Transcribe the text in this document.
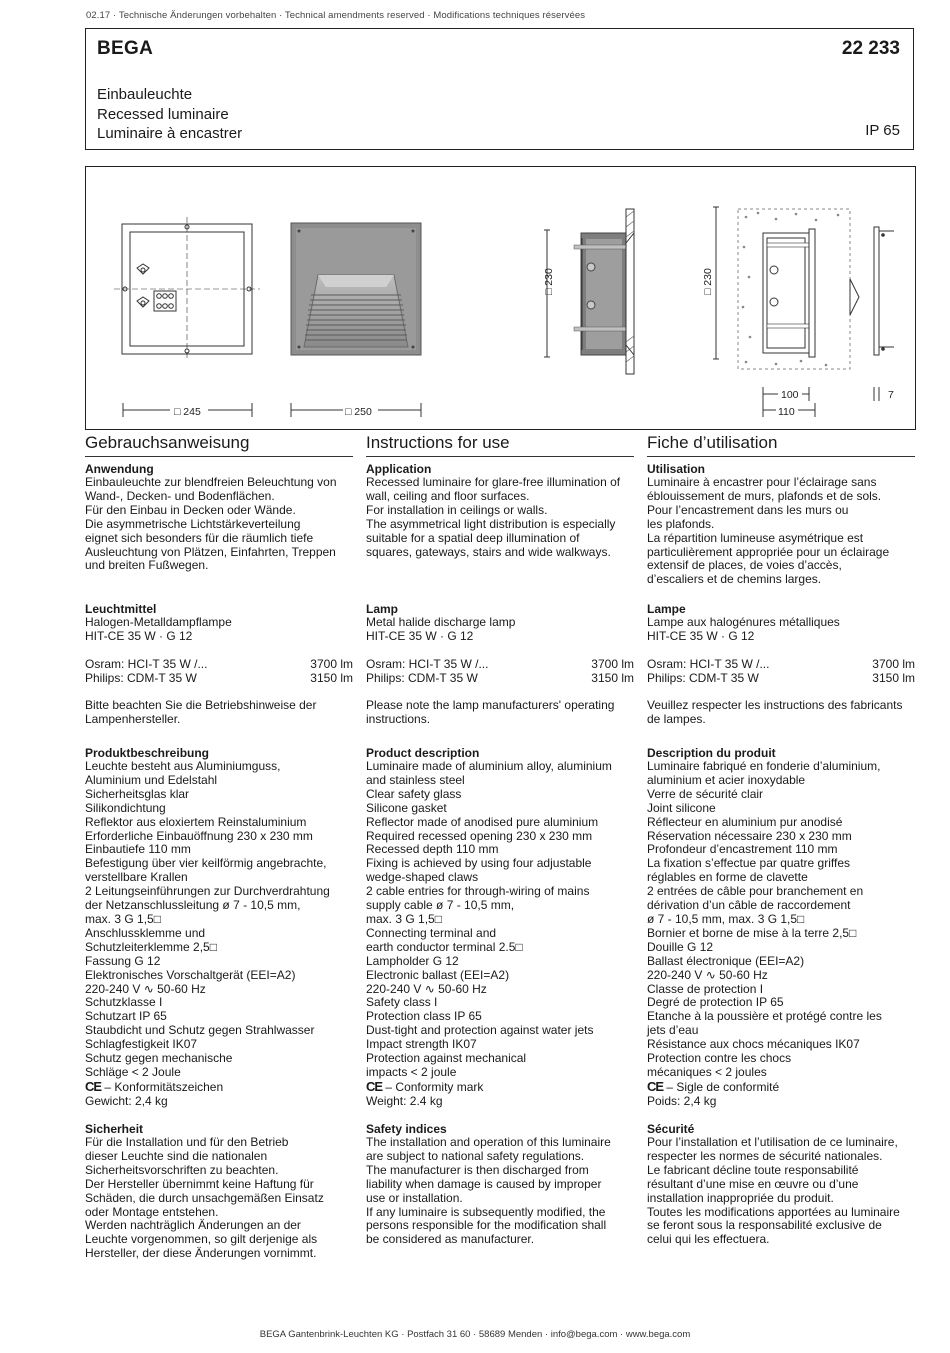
02.17 · Technische Änderungen vorbehalten · Technical amendments reserved · Modifications techniques réservées
BEGA	22 233
Einbauleuchte
Recessed luminaire
Luminaire à encastrer	IP 65
□ 245	□ 250
□ 230	□ 230
100
110
7
Gebrauchsanweisung
Anwendung
Einbauleuchte zur blendfreien Beleuchtung von
Wand-, Decken- und Bodenflächen.
Für den Einbau in Decken oder Wände.
Die asymmetrische Lichtstärkeverteilung
eignet sich besonders für die räumlich tiefe
Ausleuchtung von Plätzen, Einfahrten, Treppen
und breiten Fußwegen.
Leuchtmittel
Halogen-Metalldampflampe
HIT-CE 35 W · G 12
Osram: HCI-T 35 W /...	3700 lm
Philips: CDM-T 35 W	3150 lm
Bitte beachten Sie die Betriebshinweise der
Lampenhersteller.
Produktbeschreibung
Leuchte besteht aus Aluminiumguss,
Aluminium und Edelstahl
Sicherheitsglas klar
Silikondichtung
Reflektor aus eloxiertem Reinstaluminium
Erforderliche Einbauöffnung 230 x 230 mm
Einbautiefe 110 mm
Befestigung über vier keilförmig angebrachte,
verstellbare Krallen
2 Leitungseinführungen zur Durchverdrahtung
der Netzanschlussleitung ø 7 - 10,5 mm,
max. 3 G 1,5□
Anschlussklemme und
Schutzleiterklemme 2,5□
Fassung G 12
Elektronisches Vorschaltgerät (EEI=A2)
220-240 V ∿ 50-60 Hz
Schutzklasse I
Schutzart IP 65
Staubdicht und Schutz gegen Strahlwasser
Schlagfestigkeit IK07
Schutz gegen mechanische
Schläge < 2 Joule
CE – Konformitätszeichen
Gewicht: 2,4 kg
Sicherheit
Für die Installation und für den Betrieb
dieser Leuchte sind die nationalen
Sicherheitsvorschriften zu beachten.
Der Hersteller übernimmt keine Haftung für
Schäden, die durch unsachgemäßen Einsatz
oder Montage entstehen.
Werden nachträglich Änderungen an der
Leuchte vorgenommen, so gilt derjenige als
Hersteller, der diese Änderungen vornimmt.
Instructions for use
Application
Recessed luminaire for glare-free illumination of
wall, ceiling and floor surfaces.
For installation in ceilings or walls.
The asymmetrical light distribution is especially
suitable for a spatial deep illumination of
squares, gateways, stairs and wide walkways.
Lamp
Metal halide discharge lamp
HIT-CE 35 W · G 12
Osram: HCI-T 35 W /...	3700 lm
Philips: CDM-T 35 W	3150 lm
Please note the lamp manufacturers' operating
instructions.
Product description
Luminaire made of aluminium alloy, aluminium
and stainless steel
Clear safety glass
Silicone gasket
Reflector made of anodised pure aluminium
Required recessed opening 230 x 230 mm
Recessed depth 110 mm
Fixing is achieved by using four adjustable
wedge-shaped claws
2 cable entries for through-wiring of mains
supply cable ø 7 - 10,5 mm,
max. 3 G 1,5□
Connecting terminal and
earth conductor terminal 2.5□
Lampholder G 12
Electronic ballast (EEI=A2)
220-240 V ∿ 50-60 Hz
Safety class I
Protection class IP 65
Dust-tight and protection against water jets
Impact strength IK07
Protection against mechanical
impacts < 2 joule
CE – Conformity mark
Weight: 2.4 kg
Safety indices
The installation and operation of this luminaire
are subject to national safety regulations.
The manufacturer is then discharged from
liability when damage is caused by improper
use or installation.
If any luminaire is subsequently modified, the
persons responsible for the modification shall
be considered as manufacturer.
Fiche d’utilisation
Utilisation
Luminaire à encastrer pour l’éclairage sans
éblouissement de murs, plafonds et de sols.
Pour l’encastrement dans les murs ou
les plafonds.
La répartition lumineuse asymétrique est
particulièrement appropriée pour un éclairage
extensif de places, de voies d’accès,
d’escaliers et de chemins larges.
Lampe
Lampe aux halogénures métalliques
HIT-CE 35 W · G 12
Osram: HCI-T 35 W /...	3700 lm
Philips: CDM-T 35 W	3150 lm
Veuillez respecter les instructions des fabricants
de lampes.
Description du produit
Luminaire fabriqué en fonderie d’aluminium,
aluminium et acier inoxydable
Verre de sécurité clair
Joint silicone
Réflecteur en aluminium pur anodisé
Réservation nécessaire 230 x 230 mm
Profondeur d’encastrement 110 mm
La fixation s’effectue par quatre griffes
réglables en forme de clavette
2 entrées de câble pour branchement en
dérivation d’un câble de raccordement
ø 7 - 10,5 mm, max. 3 G 1,5□
Bornier et borne de mise à la terre 2,5□
Douille G 12
Ballast électronique (EEI=A2)
220-240 V ∿ 50-60 Hz
Classe de protection I
Degré de protection IP 65
Etanche à la poussière et protégé contre les
jets d’eau
Résistance aux chocs mécaniques IK07
Protection contre les chocs
mécaniques < 2 joules
CE – Sigle de conformité
Poids: 2,4 kg
Sécurité
Pour l’installation et l’utilisation de ce luminaire,
respecter les normes de sécurité nationales.
Le fabricant décline toute responsabilité
résultant d’une mise en œuvre ou d’une
installation inappropriée du produit.
Toutes les modifications apportées au luminaire
se feront sous la responsabilité exclusive de
celui qui les effectuera.
BEGA Gantenbrink-Leuchten KG · Postfach 31 60 · 58689 Menden · info@bega.com · www.bega.com
